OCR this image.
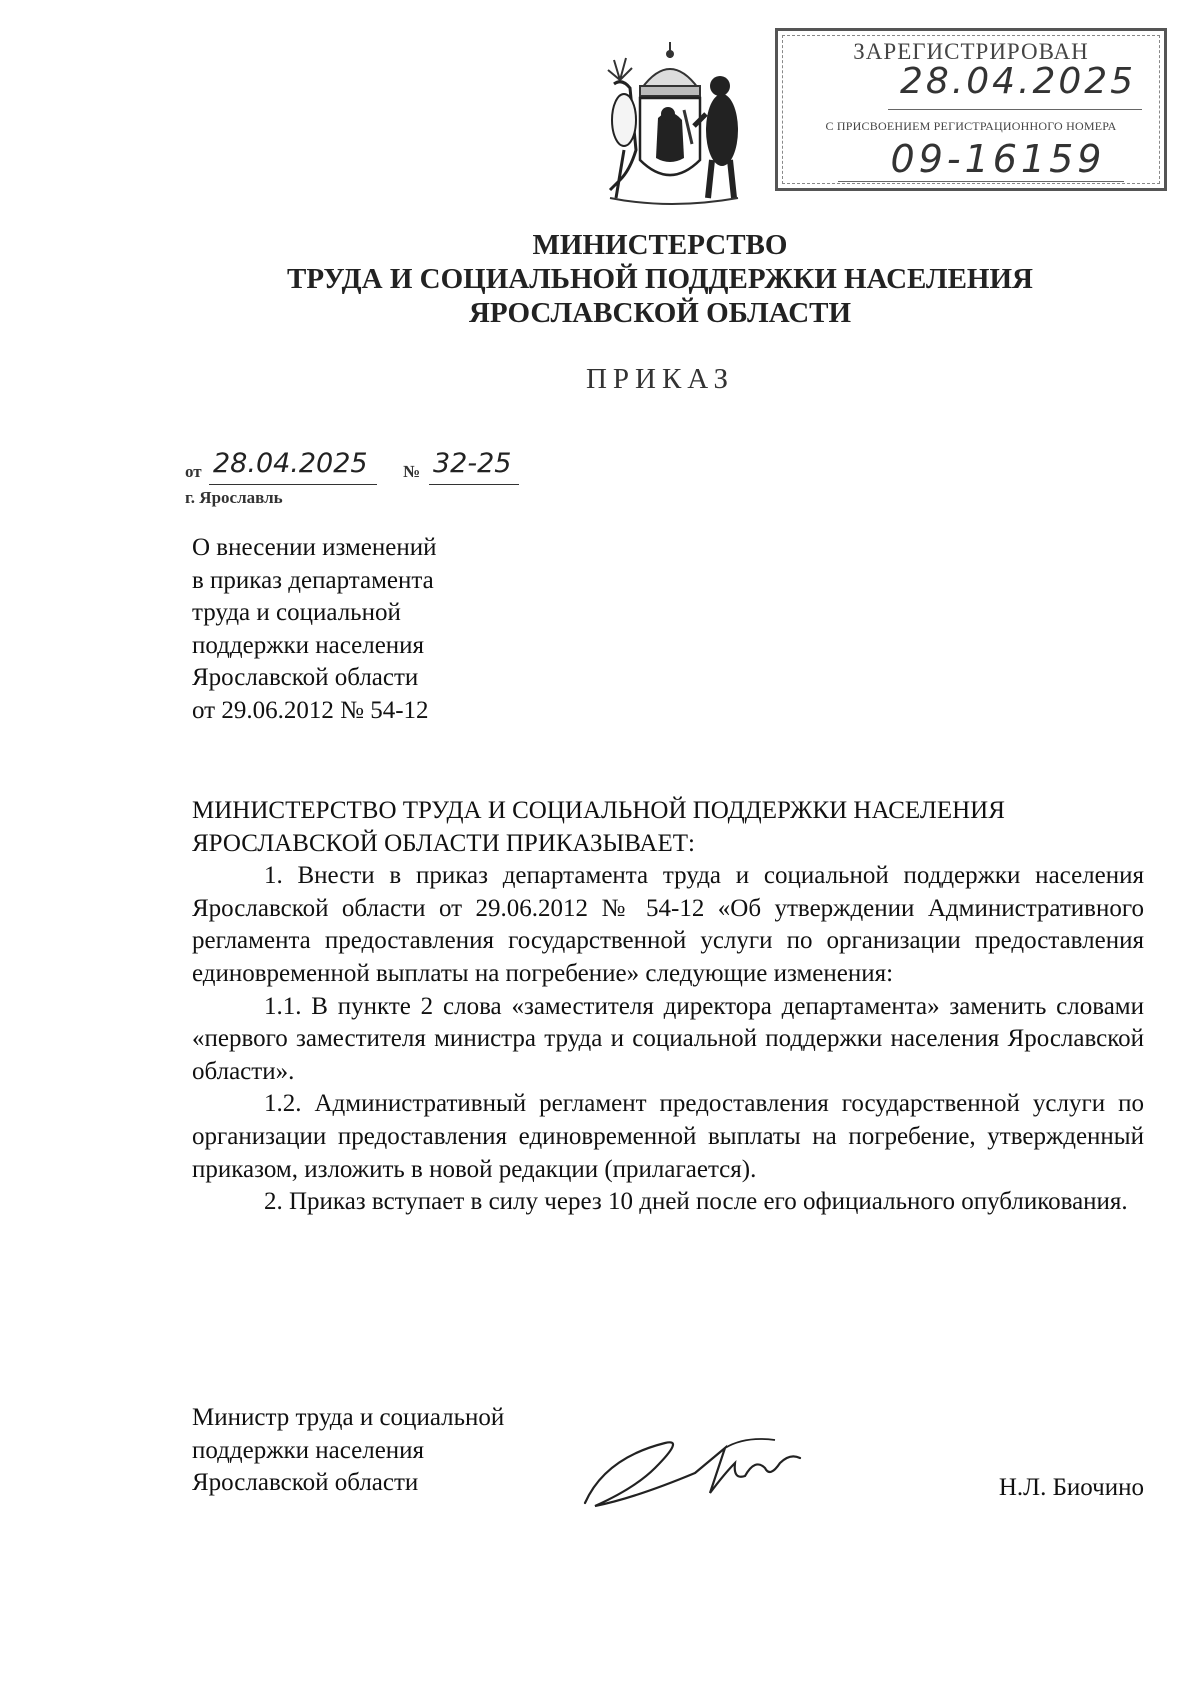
ЗАРЕГИСТРИРОВАН
28.04.2025
С ПРИСВОЕНИЕМ РЕГИСТРАЦИОННОГО НОМЕРА
09-16159
МИНИСТЕРСТВО
ТРУДА И СОЦИАЛЬНОЙ ПОДДЕРЖКИ НАСЕЛЕНИЯ
ЯРОСЛАВСКОЙ ОБЛАСТИ
ПРИКАЗ
от 28.04.2025 № 32-25
г. Ярославль
О внесении изменений
в приказ департамента
труда и социальной
поддержки населения
Ярославской области
от 29.06.2012 № 54-12

МИНИСТЕРСТВО ТРУДА И СОЦИАЛЬНОЙ ПОДДЕРЖКИ НАСЕЛЕНИЯ ЯРОСЛАВСКОЙ ОБЛАСТИ ПРИКАЗЫВАЕТ:

1. Внести в приказ департамента труда и социальной поддержки населения Ярославской области от 29.06.2012 № 54-12 «Об утверждении Административного регламента предоставления государственной услуги по организации предоставления единовременной выплаты на погребение» следующие изменения:

1.1. В пункте 2 слова «заместителя директора департамента» заменить словами «первого заместителя министра труда и социальной поддержки населения Ярославской области».

1.2. Административный регламент предоставления государственной услуги по организации предоставления единовременной выплаты на погребение, утвержденный приказом, изложить в новой редакции (прилагается).

2. Приказ вступает в силу через 10 дней после его официального опубликования.

Министр труда и социальной
поддержки населения
Ярославской области	Н.Л. Биочино
